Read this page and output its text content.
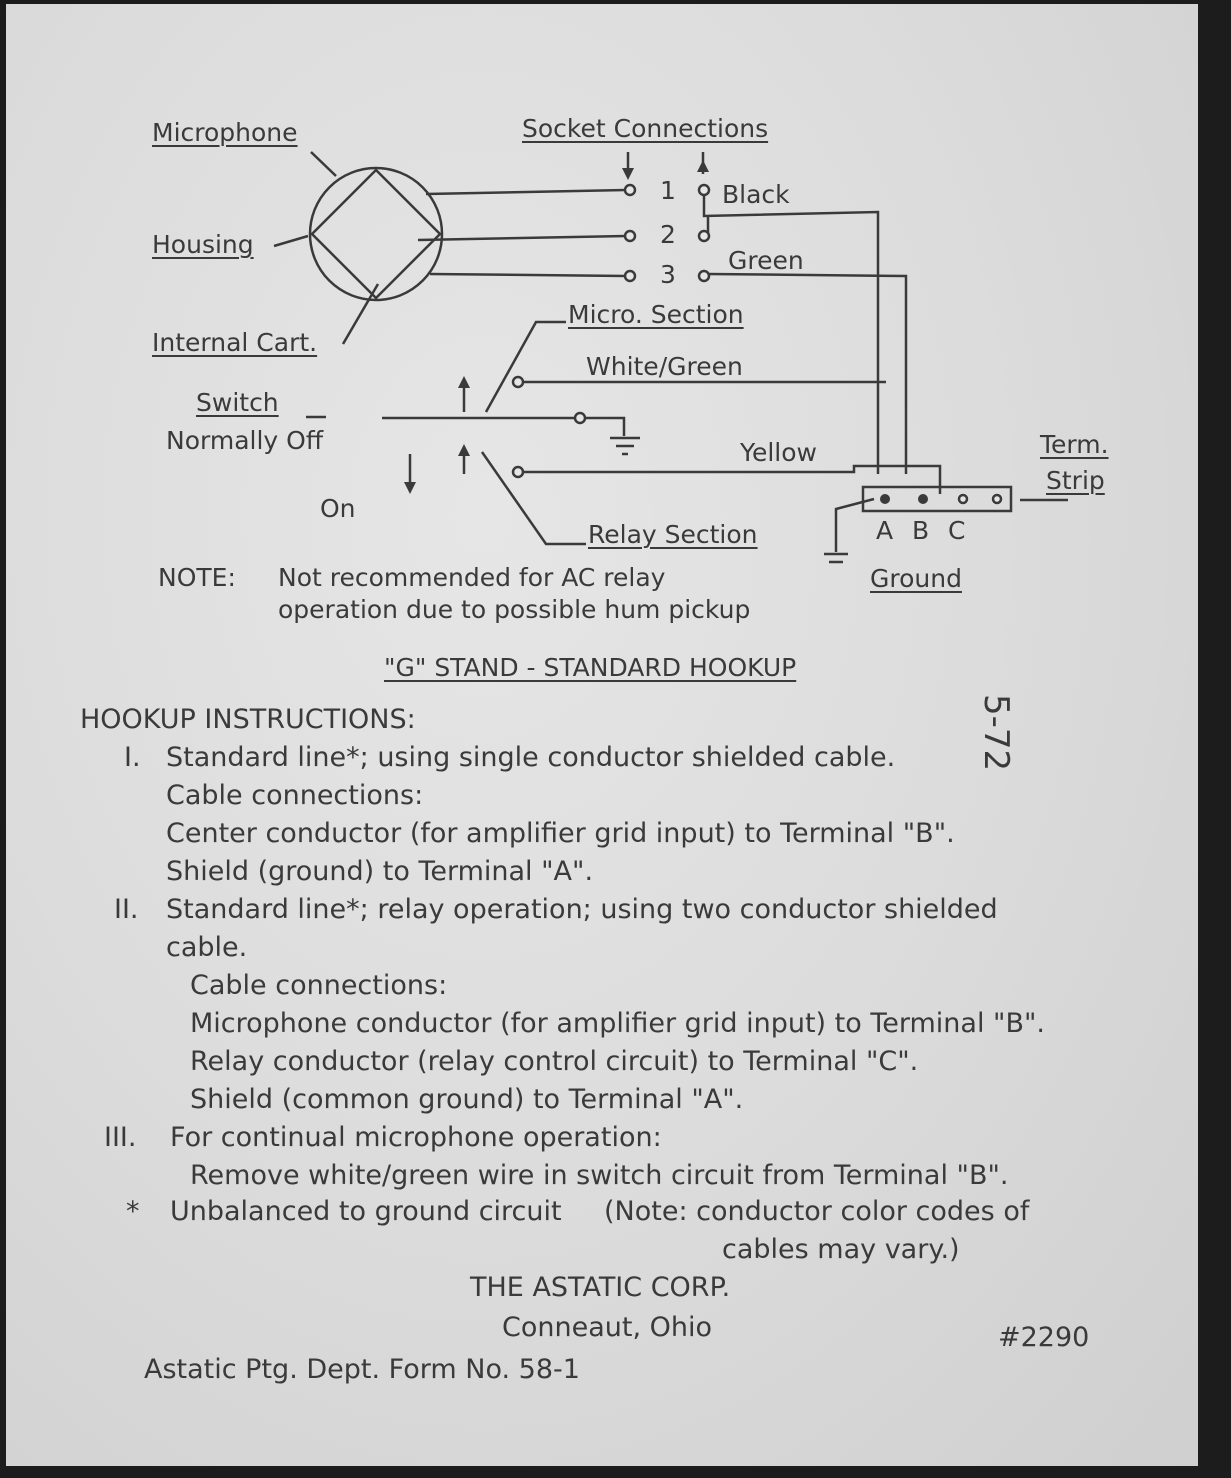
Microphone
Housing
Internal Cart.
Switch
Normally Off
On
Socket Connections
1
2
3
Black
Green
Micro. Section
White/Green
Yellow
Relay Section
Term.
Strip
A B C
Ground
NOTE: Not recommended for AC relay
operation due to possible hum pickup
"G" STAND - STANDARD HOOKUP
5-72
HOOKUP INSTRUCTIONS:
I. Standard line*; using single conductor shielded cable.
Cable connections:
Center conductor (for amplifier grid input) to Terminal "B".
Shield (ground) to Terminal "A".
II. Standard line*; relay operation; using two conductor shielded
cable.
Cable connections:
Microphone conductor (for amplifier grid input) to Terminal "B".
Relay conductor (relay control circuit) to Terminal "C".
Shield (common ground) to Terminal "A".
III. For continual microphone operation:
Remove white/green wire in switch circuit from Terminal "B".
* Unbalanced to ground circuit (Note: conductor color codes of
cables may vary.)
THE ASTATIC CORP.
Conneaut, Ohio	#2290
Astatic Ptg. Dept. Form No. 58-1
